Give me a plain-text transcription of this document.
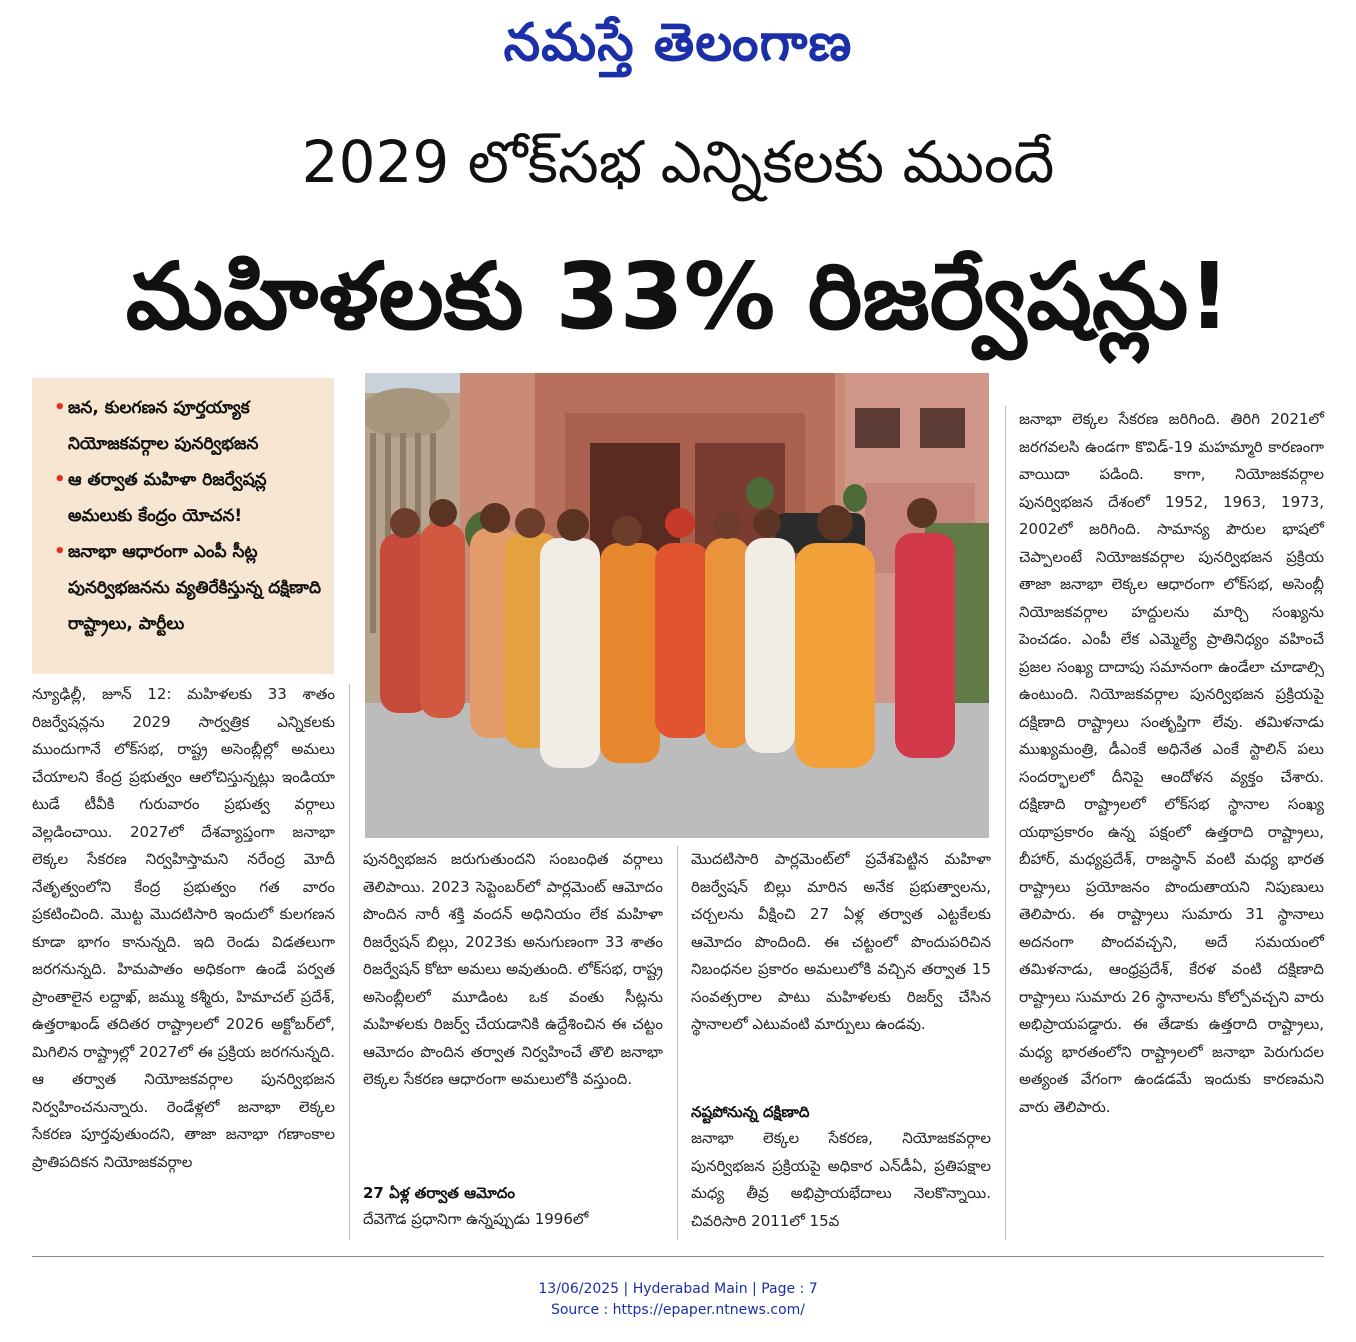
నమస్తే తెలంగాణ
2029 లోక్‌సభ ఎన్నికలకు ముందే
మహిళలకు 33% రిజర్వేషన్లు!
• జన, కులగణన పూర్తయ్యాక నియోజకవర్గాల పునర్విభజన
• ఆ తర్వాత మహిళా రిజర్వేషన్ల అమలుకు కేంద్రం యోచన!
• జనాభా ఆధారంగా ఎంపీ సీట్ల పునర్విభజనను వ్యతిరేకిస్తున్న దక్షిణాది రాష్ట్రాలు, పార్టీలు
న్యూఢిల్లీ, జూన్ 12: మహిళలకు 33 శాతం రిజర్వేషన్లను 2029 సార్వత్రిక ఎన్నికలకు ముందుగానే లోక్‌సభ, రాష్ట్ర అసెంబ్లీల్లో అమలు చేయాలని కేంద్ర ప్రభుత్వం ఆలోచిస్తున్నట్లు ఇండియా టుడే టీవీకి గురువారం ప్రభుత్వ వర్గాలు వెల్లడించాయి. 2027లో దేశవ్యాప్తంగా జనాభా లెక్కల సేకరణ నిర్వహిస్తామని నరేంద్ర మోదీ నేతృత్వంలోని కేంద్ర ప్రభుత్వం గత వారం ప్రకటించింది. మొట్ట మొదటిసారి ఇందులో కులగణన కూడా భాగం కానున్నది. ఇది రెండు విడతలుగా జరగనున్నది. హిమపాతం అధికంగా ఉండే పర్వత ప్రాంతాలైన లద్దాఖ్, జమ్ము కశ్మీరు, హిమాచల్ ప్రదేశ్, ఉత్తరాఖండ్ తదితర రాష్ట్రాలలో 2026 అక్టోబర్‌లో, మిగిలిన రాష్ట్రాల్లో 2027లో ఈ ప్రక్రియ జరగనున్నది. ఆ తర్వాత నియోజకవర్గాల పునర్విభజన నిర్వహించనున్నారు. రెండేళ్లలో జనాభా లెక్కల సేకరణ పూర్తవుతుందని, తాజా జనాభా గణాంకాల ప్రాతిపదికన నియోజకవర్గాల
పునర్విభజన జరుగుతుందని సంబంధిత వర్గాలు తెలిపాయి. 2023 సెప్టెంబర్‌లో పార్లమెంట్ ఆమోదం పొందిన నారీ శక్తి వందన్ అధినియం లేక మహిళా రిజర్వేషన్ బిల్లు, 2023కు అనుగుణంగా 33 శాతం రిజర్వేషన్ కోటా అమలు అవుతుంది. లోక్‌సభ, రాష్ట్ర అసెంబ్లీలలో మూడింట ఒక వంతు సీట్లను మహిళలకు రిజర్వ్ చేయడానికి ఉద్దేశించిన ఈ చట్టం ఆమోదం పొందిన తర్వాత నిర్వహించే తొలి జనాభా లెక్కల సేకరణ ఆధారంగా అమలులోకి వస్తుంది.
27 ఏళ్ల తర్వాత ఆమోదం
దేవెగౌడ ప్రధానిగా ఉన్నప్పుడు 1996లో
మొదటిసారి పార్లమెంట్‌లో ప్రవేశపెట్టిన మహిళా రిజర్వేషన్ బిల్లు మారిన అనేక ప్రభుత్వాలను, చర్చలను వీక్షించి 27 ఏళ్ల తర్వాత ఎట్టకేలకు ఆమోదం పొందింది. ఈ చట్టంలో పొందుపరిచిన నిబంధనల ప్రకారం అమలులోకి వచ్చిన తర్వాత 15 సంవత్సరాల పాటు మహిళలకు రిజర్వ్ చేసిన స్థానాలలో ఎటువంటి మార్పులు ఉండవు.
నష్టపోనున్న దక్షిణాది
జనాభా లెక్కల సేకరణ, నియోజకవర్గాల పునర్విభజన ప్రక్రియపై అధికార ఎన్‌డీఏ, ప్రతిపక్షాల మధ్య తీవ్ర అభిప్రాయభేదాలు నెలకొన్నాయి. చివరిసారి 2011లో 15వ
జనాభా లెక్కల సేకరణ జరిగింది. తిరిగి 2021లో జరగవలసి ఉండగా కొవిడ్-19 మహమ్మారి కారణంగా వాయిదా పడింది. కాగా, నియోజకవర్గాల పునర్విభజన దేశంలో 1952, 1963, 1973, 2002లో జరిగింది. సామాన్య పౌరుల భాషలో చెప్పాలంటే నియోజకవర్గాల పునర్విభజన ప్రక్రియ తాజా జనాభా లెక్కల ఆధారంగా లోక్‌సభ, అసెంబ్లీ నియోజకవర్గాల హద్దులను మార్చి సంఖ్యను పెంచడం. ఎంపీ లేక ఎమ్మెల్యే ప్రాతినిధ్యం వహించే ప్రజల సంఖ్య దాదాపు సమానంగా ఉండేలా చూడాల్సి ఉంటుంది. నియోజకవర్గాల పునర్విభజన ప్రక్రియపై దక్షిణాది రాష్ట్రాలు సంతృప్తిగా లేవు. తమిళనాడు ముఖ్యమంత్రి, డీఎంకే అధినేత ఎంకే స్టాలిన్ పలు సందర్భాలలో దీనిపై ఆందోళన వ్యక్తం చేశారు. దక్షిణాది రాష్ట్రాలలో లోక్‌సభ స్థానాల సంఖ్య యథాప్రకారం ఉన్న పక్షంలో ఉత్తరాది రాష్ట్రాలు, బీహార్, మధ్యప్రదేశ్, రాజస్థాన్ వంటి మధ్య భారత రాష్ట్రాలు ప్రయోజనం పొందుతాయని నిపుణులు తెలిపారు. ఈ రాష్ట్రాలు సుమారు 31 స్థానాలు అదనంగా పొందవచ్చని, అదే సమయంలో తమిళనాడు, ఆంధ్రప్రదేశ్, కేరళ వంటి దక్షిణాది రాష్ట్రాలు సుమారు 26 స్థానాలను కోల్పోవచ్చని వారు అభిప్రాయపడ్డారు. ఈ తేడాకు ఉత్తరాది రాష్ట్రాలు, మధ్య భారతంలోని రాష్ట్రాలలో జనాభా పెరుగుదల అత్యంత వేగంగా ఉండడమే ఇందుకు కారణమని వారు తెలిపారు.
13/06/2025 | Hyderabad Main | Page : 7
Source : https://epaper.ntnews.com/
